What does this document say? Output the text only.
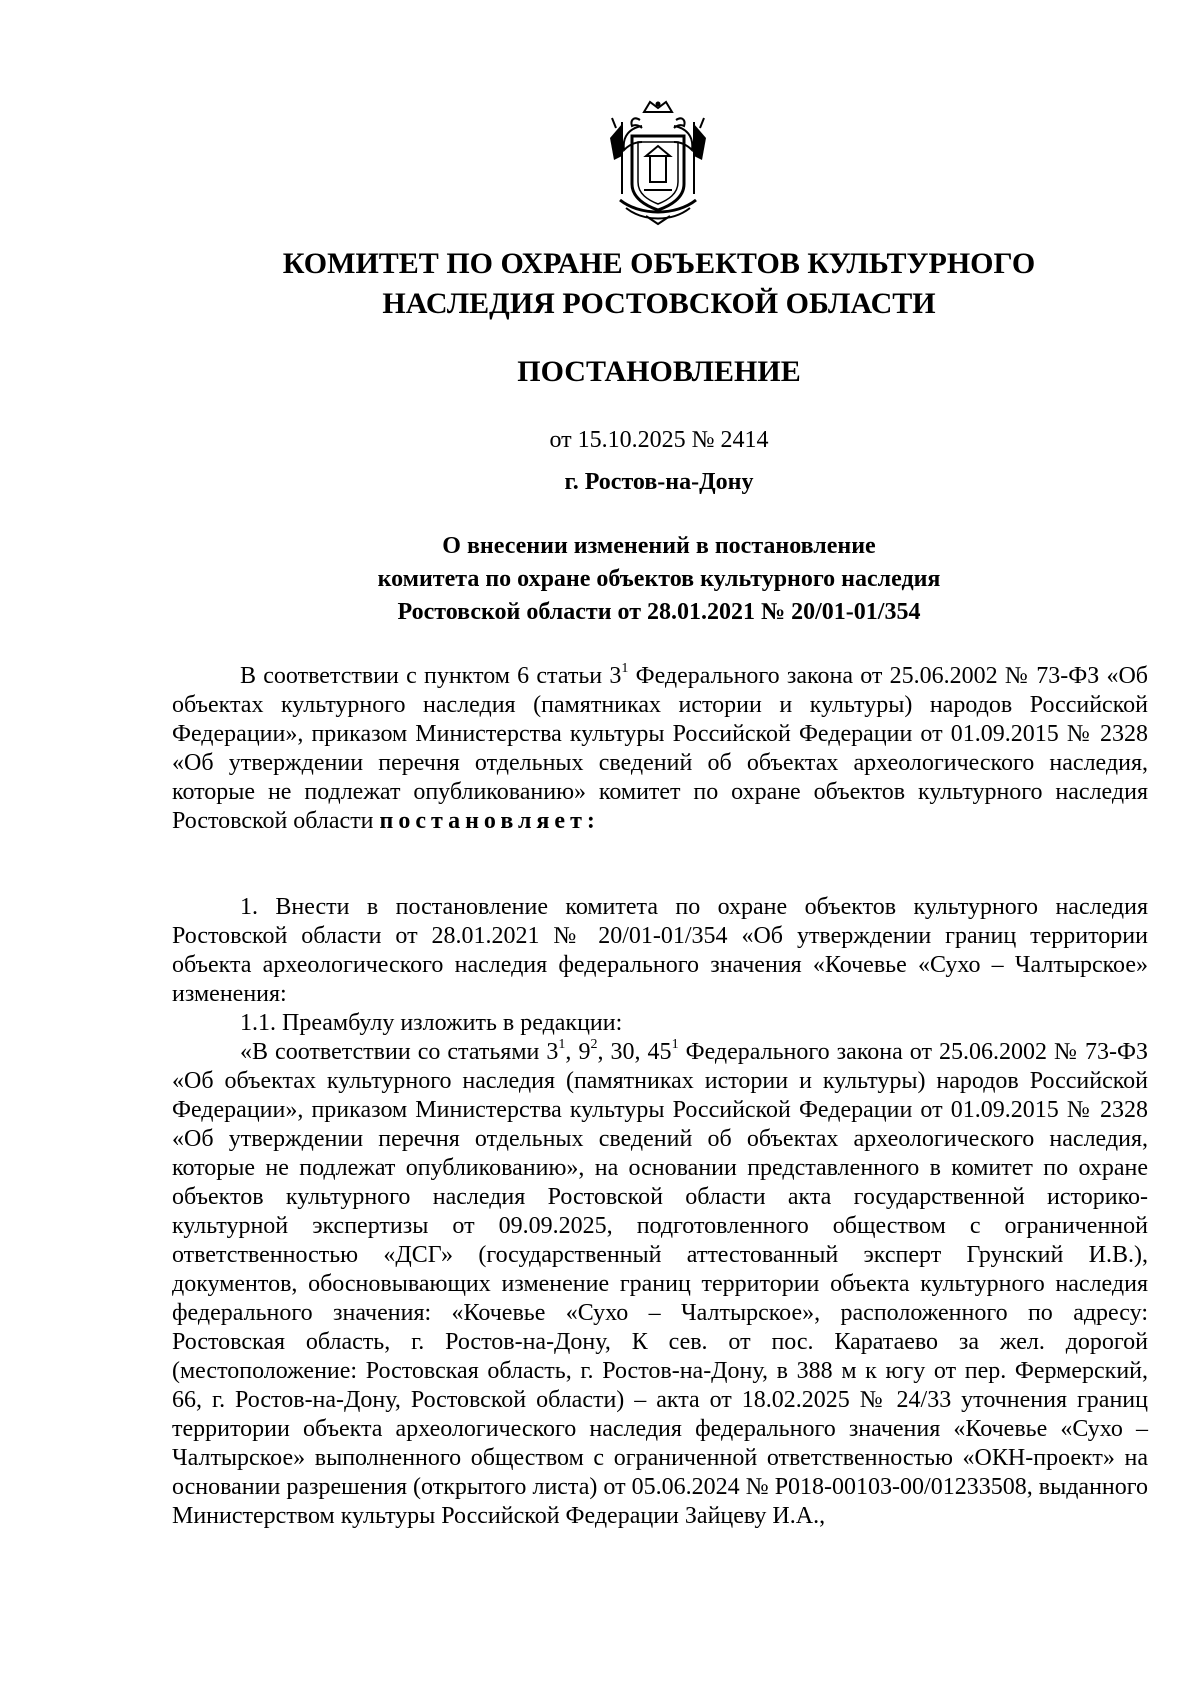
КОМИТЕТ ПО ОХРАНЕ ОБЪЕКТОВ КУЛЬТУРНОГО
НАСЛЕДИЯ РОСТОВСКОЙ ОБЛАСТИ
ПОСТАНОВЛЕНИЕ
от 15.10.2025 № 2414
г. Ростов-на-Дону
О внесении изменений в постановление
комитета по охране объектов культурного наследия
Ростовской области от 28.01.2021 № 20/01-01/354

В соответствии с пунктом 6 статьи $3^1$ Федерального закона от 25.06.2002 № 73-ФЗ «Об объектах культурного наследия (памятниках истории и культуры) народов Российской Федерации», приказом Министерства культуры Российской Федерации от 01.09.2015 № 2328 «Об утверждении перечня отдельных сведений об объектах археологического наследия, которые не подлежат опубликованию» комитет по охране объектов культурного наследия Ростовской области постановляет:

1. Внести в постановление комитета по охране объектов культурного наследия Ростовской области от 28.01.2021 № 20/01-01/354 «Об утверждении границ территории объекта археологического наследия федерального значения «Кочевье «Сухо – Чалтырское» изменения:

1.1. Преамбулу изложить в редакции:

«В соответствии со статьями $3^1$, $9^2$, 30, $45^1$ Федерального закона от 25.06.2002 № 73-ФЗ «Об объектах культурного наследия (памятниках истории и культуры) народов Российской Федерации», приказом Министерства культуры Российской Федерации от 01.09.2015 № 2328 «Об утверждении перечня отдельных сведений об объектах археологического наследия, которые не подлежат опубликованию», на основании представленного в комитет по охране объектов культурного наследия Ростовской области акта государственной историко-культурной экспертизы от 09.09.2025, подготовленного обществом с ограниченной ответственностью «ДСГ» (государственный аттестованный эксперт Грунский И.В.), документов, обосновывающих изменение границ территории объекта культурного наследия федерального значения: «Кочевье «Сухо – Чалтырское», расположенного по адресу: Ростовская область, г. Ростов-на-Дону, К сев. от пос. Каратаево за жел. дорогой (местоположение: Ростовская область, г. Ростов-на-Дону, в 388 м к югу от пер. Фермерский, 66, г. Ростов-на-Дону, Ростовской области) – акта от 18.02.2025 № 24/33 уточнения границ территории объекта археологического наследия федерального значения «Кочевье «Сухо – Чалтырское» выполненного обществом с ограниченной ответственностью «ОКН-проект» на основании разрешения (открытого листа) от 05.06.2024 № Р018-00103-00/01233508, выданного Министерством культуры Российской Федерации Зайцеву И.А.,
